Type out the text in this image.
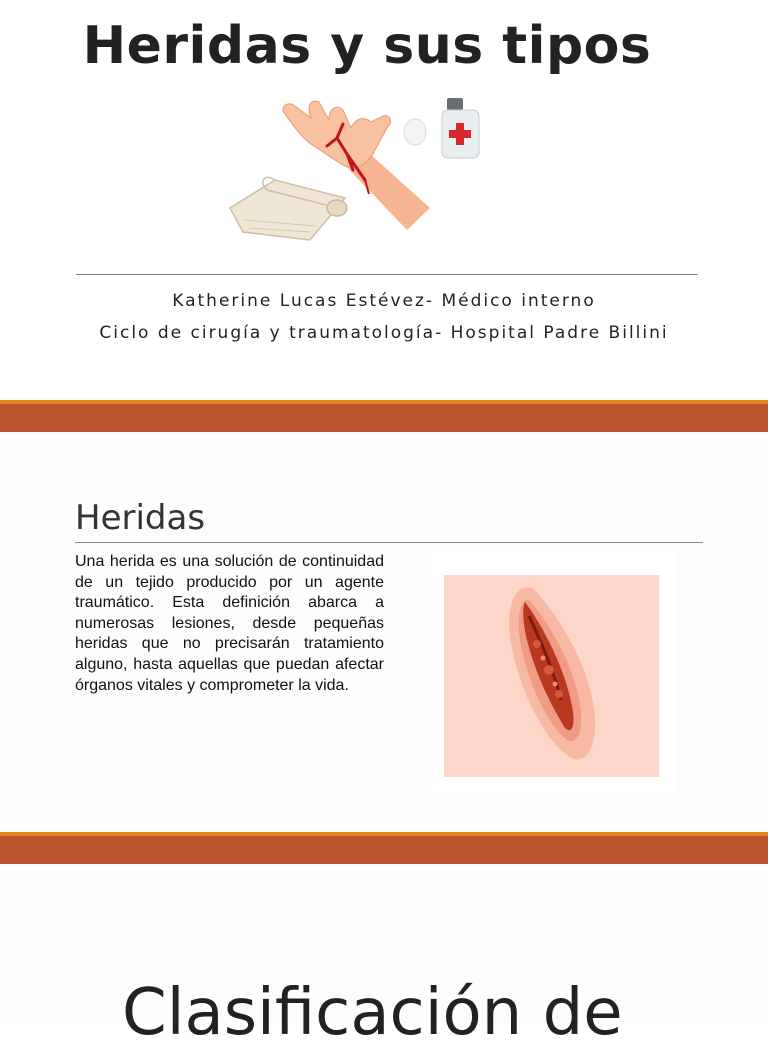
Heridas y sus tipos

Katherine Lucas Estévez- Médico interno

Ciclo de cirugía y traumatología- Hospital Padre Billini

Heridas

Una herida es una solución de continuidad de un tejido producido por un agente traumático. Esta definición abarca a numerosas lesiones, desde pequeñas heridas que no precisarán tratamiento alguno, hasta aquellas que puedan afectar órganos vitales y comprometer la vida.

Clasificación de
